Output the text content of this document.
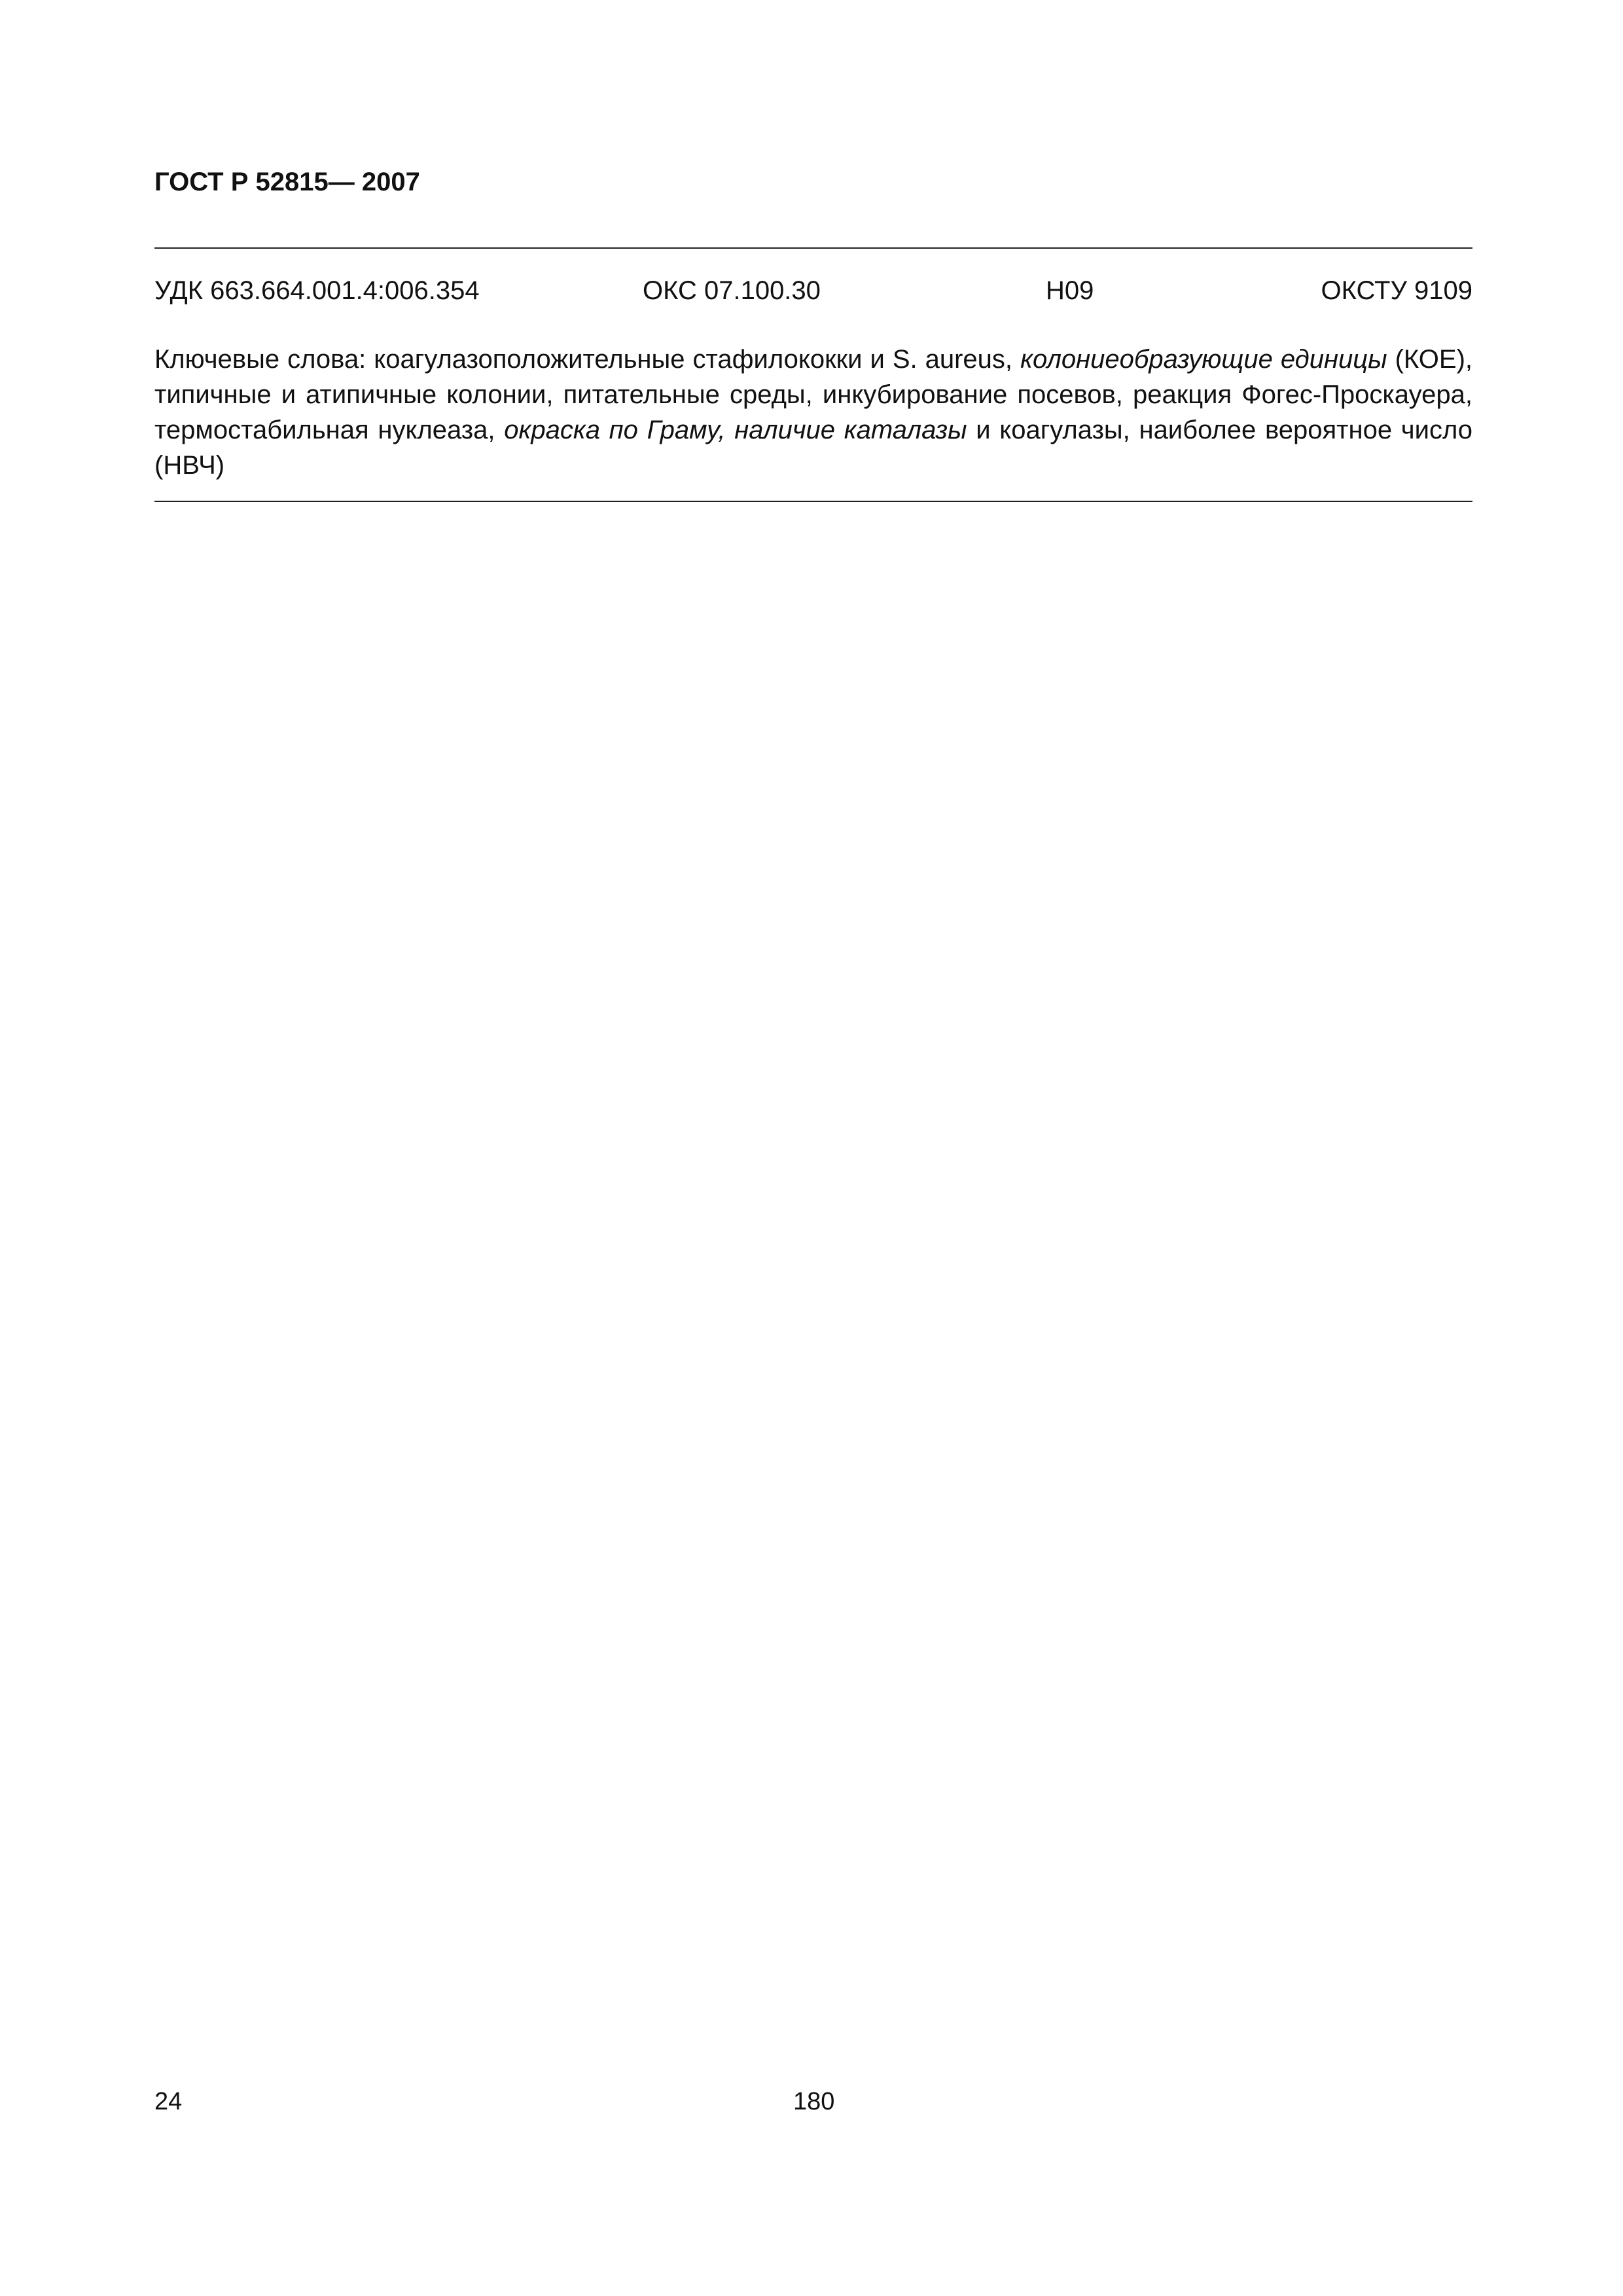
ГОСТ Р 52815— 2007
УДК 663.664.001.4:006.354	ОКС 07.100.30	Н09	ОКСТУ 9109

Ключевые слова: коагулазоположительные стафилококки и S. aureus, колониеобразующие единицы (КОЕ), типичные и атипичные колонии, питательные среды, инкубирование посевов, реакция Фогес-Проскауера, термостабильная нуклеаза, окраска по Граму, наличие каталазы и коагулазы, наиболее вероятное число (НВЧ)

24	180
